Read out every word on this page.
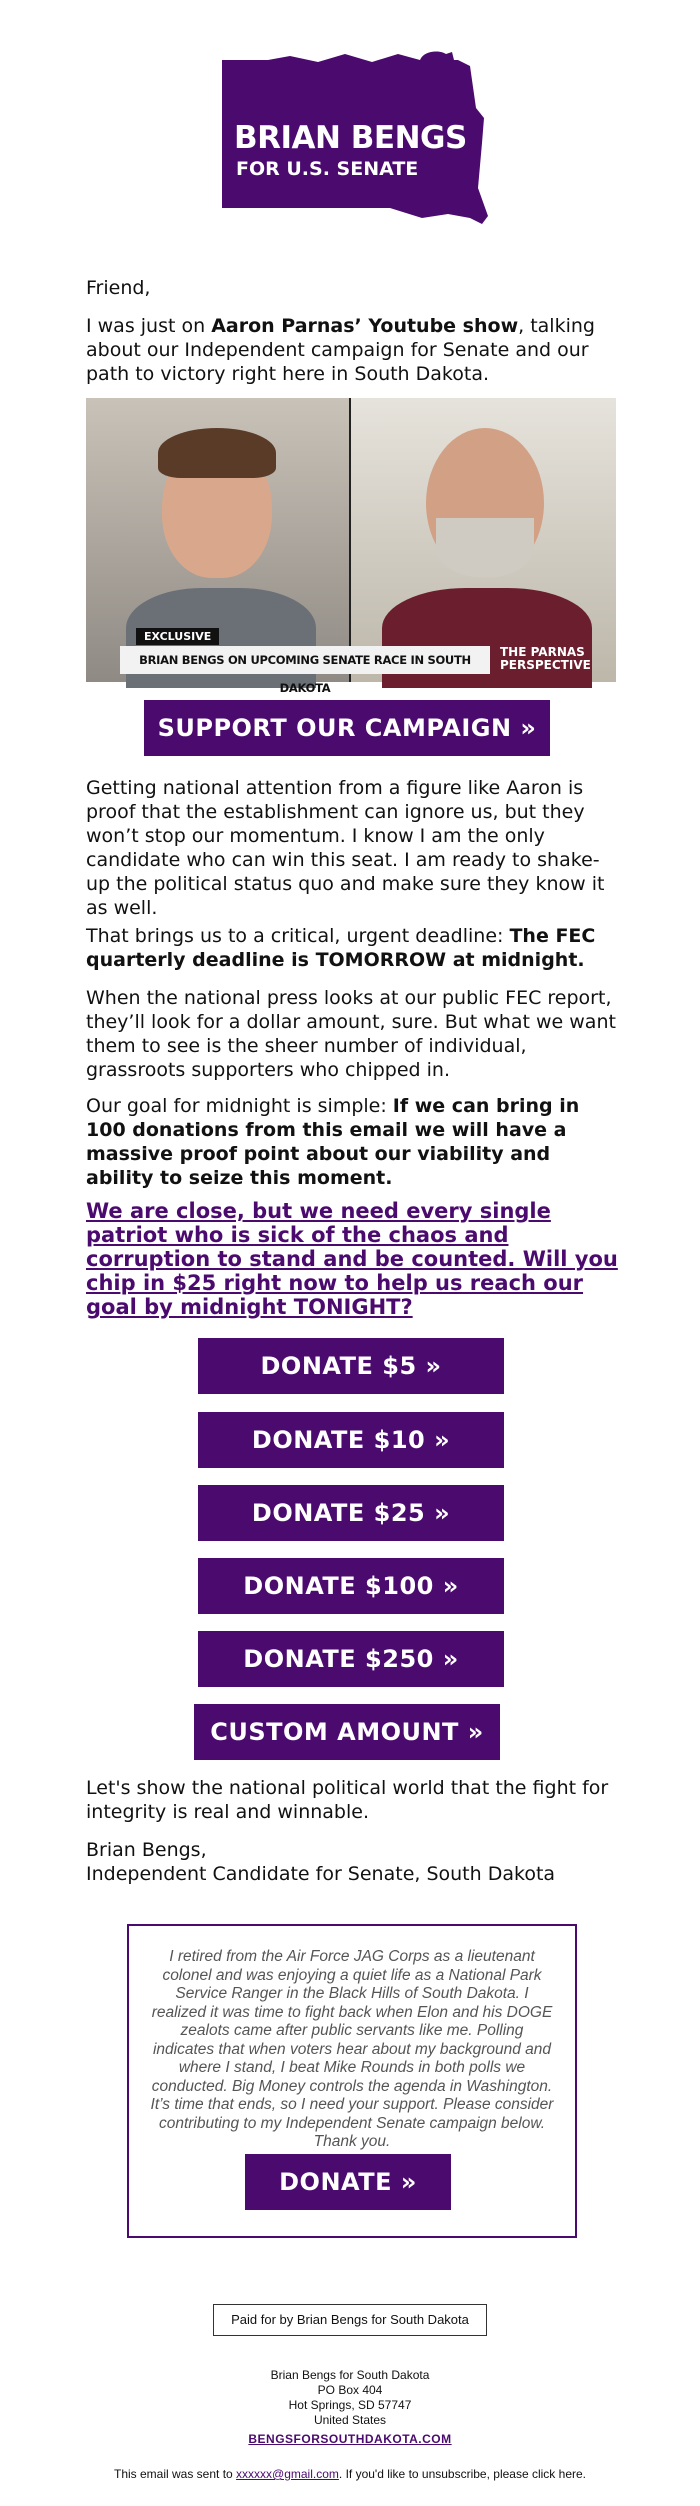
BRIAN BENGS
FOR U.S. SENATE

Friend,

I was just on Aaron Parnas’ Youtube show, talking about our Independent campaign for Senate and our path to victory right here in South Dakota.

EXCLUSIVE
BRIAN BENGS ON UPCOMING SENATE RACE IN SOUTH DAKOTA
THE PARNAS
PERSPECTIVE
SUPPORT OUR CAMPAIGN »

Getting national attention from a figure like Aaron is proof that the establishment can ignore us, but they won’t stop our momentum. I know I am the only candidate who can win this seat. I am ready to shake-up the political status quo and make sure they know it as well.

That brings us to a critical, urgent deadline: The FEC quarterly deadline is TOMORROW at midnight.

When the national press looks at our public FEC report, they’ll look for a dollar amount, sure. But what we want them to see is the sheer number of individual, grassroots supporters who chipped in.

Our goal for midnight is simple: If we can bring in 100 donations from this email we will have a massive proof point about our viability and ability to seize this moment.

We are close, but we need every single patriot who is sick of the chaos and corruption to stand and be counted. Will you chip in $25 right now to help us reach our goal by midnight TONIGHT?
DONATE $5 »
DONATE $10 »
DONATE $25 »
DONATE $100 »
DONATE $250 »
CUSTOM AMOUNT »

Let's show the national political world that the fight for integrity is real and winnable.

Brian Bengs,

Independent Candidate for Senate, South Dakota

I retired from the Air Force JAG Corps as a lieutenant colonel and was enjoying a quiet life as a National Park Service Ranger in the Black Hills of South Dakota. I realized it was time to fight back when Elon and his DOGE zealots came after public servants like me. Polling indicates that when voters hear about my background and where I stand, I beat Mike Rounds in both polls we conducted. Big Money controls the agenda in Washington. It’s time that ends, so I need your support. Please consider contributing to my Independent Senate campaign below. Thank you.
DONATE »
Paid for by Brian Bengs for South Dakota
Brian Bengs for South Dakota
PO Box 404
Hot Springs, SD 57747
United States
BENGSFORSOUTHDAKOTA.COM
This email was sent to xxxxxx@gmail.com. If you'd like to unsubscribe, please click here.
